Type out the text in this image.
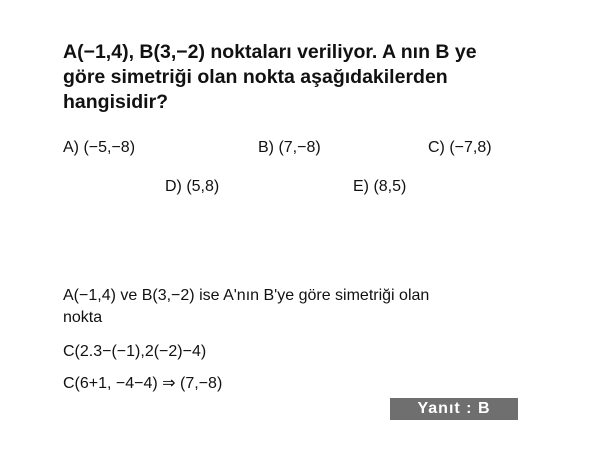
A(−1,4), B(3,−2) noktaları veriliyor. A nın B ye
göre simetriği olan nokta aşağıdakilerden
hangisidir?
A) (−5,−8)	B) (7,−8)	C) (−7,8)
D) (5,8)	E) (8,5)
A(−1,4) ve B(3,−2) ise A'nın B'ye göre simetriği olan
nokta
C(2.3−(−1),2(−2)−4)
C(6+1, −4−4) ⇒ (7,−8)
Yanıt : B
